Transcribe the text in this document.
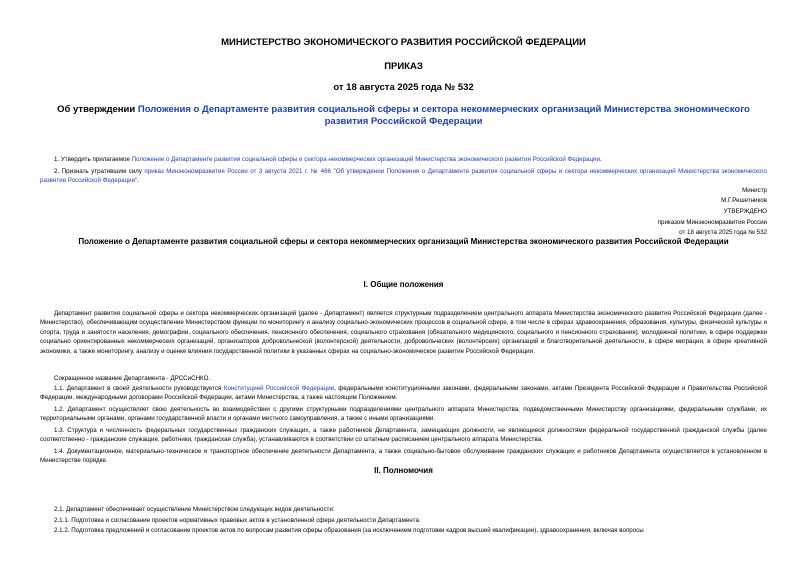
МИНИСТЕРСТВО ЭКОНОМИЧЕСКОГО РАЗВИТИЯ РОССИЙСКОЙ ФЕДЕРАЦИИ
ПРИКАЗ
от 18 августа 2025 года № 532
Об утверждении Положения о Департаменте развития социальной сферы и сектора некоммерческих организаций Министерства экономического развития Российской Федерации
1. Утвердить прилагаемое Положение о Департаменте развития социальной сферы и сектора некоммерческих организаций Министерства экономического развития Российской Федерации.
2. Признать утратившим силу приказ Минэкономразвития России от 3 августа 2021 г. № 466 "Об утверждении Положения о Департаменте развития социальной сферы и сектора некоммерческих организаций Министерства экономического развития Российской Федерации".
Министр
М.Г.Решетников
УТВЕРЖДЕНО
приказом Минэкономразвития России
от 18 августа 2025 года № 532
Положение о Департаменте развития социальной сферы и сектора некоммерческих организаций Министерства экономического развития Российской Федерации
I. Общие положения
Департамент развития социальной сферы и сектора некоммерческих организаций (далее - Департамент) является структурным подразделением центрального аппарата Министерства экономического развития Российской Федерации (далее - Министерство), обеспечивающим осуществление Министерством функции по мониторингу и анализу социально-экономических процессов в социальной сфере, в том числе в сферах здравоохранения, образования, культуры, физической культуры и спорта, труда и занятости населения, демографии, социального обеспечения, пенсионного обеспечения, социального страхования (обязательного медицинского, социального и пенсионного страхования), молодежной политики, в сфере поддержки социально ориентированных некоммерческих организаций, организаторов добровольческой (волонтерской) деятельности, добровольческих (волонтерских) организаций и благотворительной деятельности, в сфере миграции, в сфере креативной экономики, а также мониторингу, анализу и оценке влияния государственной политики в указанных сферах на социально-экономическое развитие Российской Федерации.
Сокращенное название Департамента - ДРССиСНКО.
1.1. Департамент в своей деятельности руководствуется Конституцией Российской Федерации, федеральными конституционными законами, федеральными законами, актами Президента Российской Федерации и Правительства Российской Федерации, международными договорами Российской Федерации, актами Министерства, а также настоящим Положением.
1.2. Департамент осуществляет свою деятельность во взаимодействии с другими структурными подразделениями центрального аппарата Министерства, подведомственными Министерству организациями, федеральными службами, их территориальными органами, органами государственной власти и органами местного самоуправления, а также с иными организациями.
1.3. Структура и численность федеральных государственных гражданских служащих, а также работников Департамента, замещающих должности, не являющиеся должностями федеральной государственной гражданской службы (далее соответственно - гражданские служащие, работники, гражданская служба), устанавливаются в соответствии со штатным расписанием центрального аппарата Министерства.
1.4. Документационное, материально-техническое и транспортное обеспечение деятельности Департамента, а также социально-бытовое обслуживание гражданских служащих и работников Департамента осуществляется в установленном в Министерстве порядке.
II. Полномочия
2.1. Департамент обеспечивает осуществление Министерством следующих видов деятельности:
2.1.1. Подготовка и согласование проектов нормативных правовых актов в установленной сфере деятельности Департамента.
2.1.2. Подготовка предложений и согласование проектов актов по вопросам развития сферы образования (за исключением подготовки кадров высшей квалификации), здравоохранения, включая вопросы
